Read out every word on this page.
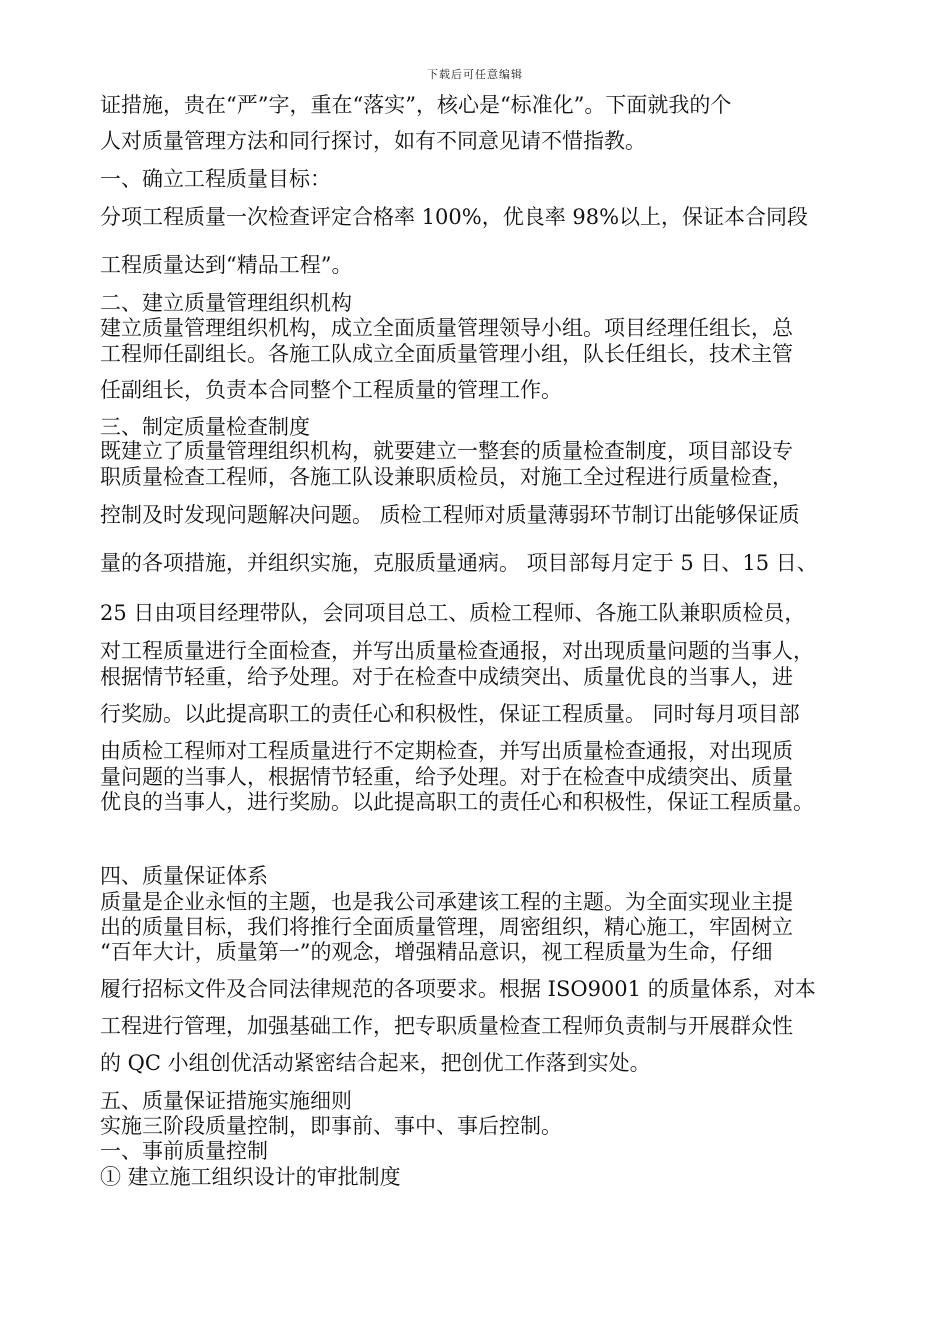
下载后可任意编辑
证措施，贵在“严”字，重在“落实”，核心是“标准化”。下面就我的个
人对质量管理方法和同行探讨，如有不同意见请不惜指教。
一、确立工程质量目标：
分项工程质量一次检查评定合格率 100%，优良率 98%以上，保证本合同段
工程质量达到“精品工程”。
二、建立质量管理组织机构
建立质量管理组织机构，成立全面质量管理领导小组。项目经理任组长，总
工程师任副组长。各施工队成立全面质量管理小组，队长任组长，技术主管
任副组长，负责本合同整个工程质量的管理工作。
三、制定质量检查制度
既建立了质量管理组织机构，就要建立一整套的质量检查制度，项目部设专
职质量检查工程师，各施工队设兼职质检员，对施工全过程进行质量检查，
控制及时发现问题解决问题。 质检工程师对质量薄弱环节制订出能够保证质
量的各项措施，并组织实施，克服质量通病。 项目部每月定于 5 日、15 日、
25 日由项目经理带队，会同项目总工、质检工程师、各施工队兼职质检员，
对工程质量进行全面检查，并写出质量检查通报，对出现质量问题的当事人，
根据情节轻重，给予处理。对于在检查中成绩突出、质量优良的当事人，进
行奖励。以此提高职工的责任心和积极性，保证工程质量。 同时每月项目部
由质检工程师对工程质量进行不定期检查，并写出质量检查通报，对出现质
量问题的当事人，根据情节轻重，给予处理。对于在检查中成绩突出、质量
优良的当事人，进行奖励。以此提高职工的责任心和积极性，保证工程质量。
四、质量保证体系
质量是企业永恒的主题，也是我公司承建该工程的主题。为全面实现业主提
出的质量目标，我们将推行全面质量管理，周密组织，精心施工，牢固树立
“百年大计，质量第一”的观念，增强精品意识，视工程质量为生命，仔细
履行招标文件及合同法律规范的各项要求。根据 ISO9001 的质量体系，对本
工程进行管理，加强基础工作，把专职质量检查工程师负责制与开展群众性
的 QC 小组创优活动紧密结合起来，把创优工作落到实处。
五、质量保证措施实施细则
实施三阶段质量控制，即事前、事中、事后控制。
一、事前质量控制
① 建立施工组织设计的审批制度
